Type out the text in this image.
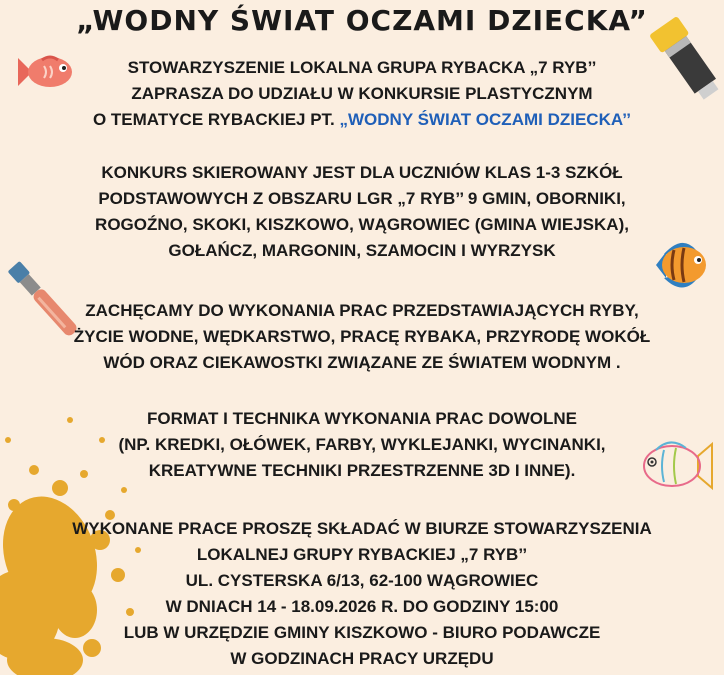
„WODNY ŚWIAT OCZAMI DZIECKA”
STOWARZYSZENIE LOKALNA GRUPA RYBACKA „7 RYB’’
ZAPRASZA DO UDZIAŁU W KONKURSIE PLASTYCZNYM
O TEMATYCE RYBACKIEJ PT. „WODNY ŚWIAT OCZAMI DZIECKA’’
KONKURS SKIEROWANY JEST DLA UCZNIÓW KLAS 1-3 SZKÓŁ
PODSTAWOWYCH Z OBSZARU LGR „7 RYB’’ 9 GMIN, OBORNIKI,
ROGOŹNO, SKOKI, KISZKOWO, WĄGROWIEC (GMINA WIEJSKA),
GOŁAŃCZ, MARGONIN, SZAMOCIN I WYRZYSK
ZACHĘCAMY DO WYKONANIA PRAC PRZEDSTAWIAJĄCYCH RYBY,
ŻYCIE WODNE, WĘDKARSTWO, PRACĘ RYBAKA, PRZYRODĘ WOKÓŁ
WÓD ORAZ CIEKAWOSTKI ZWIĄZANE ZE ŚWIATEM WODNYM .
FORMAT I TECHNIKA WYKONANIA PRAC DOWOLNE
(NP. KREDKI, OŁÓWEK, FARBY, WYKLEJANKI, WYCINANKI,
KREATYWNE TECHNIKI PRZESTRZENNE 3D I INNE).
WYKONANE PRACE PROSZĘ SKŁADAĆ W BIURZE STOWARZYSZENIA
LOKALNEJ GRUPY RYBACKIEJ „7 RYB’’
UL. CYSTERSKA 6/13, 62-100 WĄGROWIEC
W DNIACH 14 - 18.09.2026 R. DO GODZINY 15:00
LUB W URZĘDZIE GMINY KISZKOWO - BIURO PODAWCZE
W GODZINACH PRACY URZĘDU
